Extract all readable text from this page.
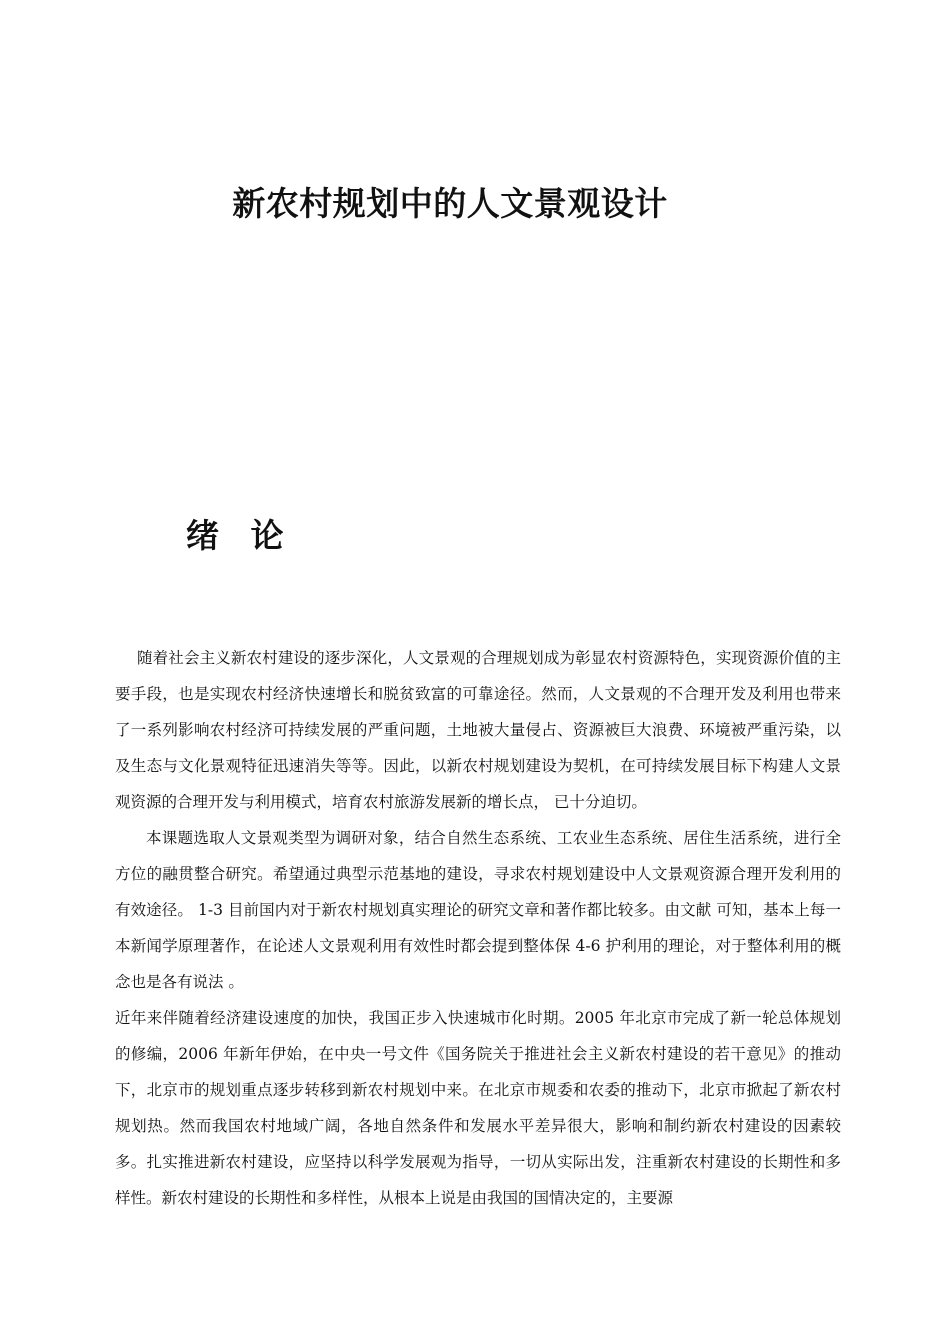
新农村规划中的人文景观设计
绪 论

随着社会主义新农村建设的逐步深化，人文景观的合理规划成为彰显农村资源特色，实现资源价值的主要手段，也是实现农村经济快速增长和脱贫致富的可靠途径。然而，人文景观的不合理开发及利用也带来了一系列影响农村经济可持续发展的严重问题，土地被大量侵占、资源被巨大浪费、环境被严重污染，以及生态与文化景观特征迅速消失等等。因此，以新农村规划建设为契机，在可持续发展目标下构建人文景观资源的合理开发与利用模式，培育农村旅游发展新的增长点， 已十分迫切。

本课题选取人文景观类型为调研对象，结合自然生态系统、工农业生态系统、居住生活系统，进行全方位的融贯整合研究。希望通过典型示范基地的建设，寻求农村规划建设中人文景观资源合理开发利用的有效途径。 1-3 目前国内对于新农村规划真实理论的研究文章和著作都比较多。由文献 可知，基本上每一本新闻学原理著作，在论述人文景观利用有效性时都会提到整体保 4-6 护利用的理论，对于整体利用的概念也是各有说法 。

近年来伴随着经济建设速度的加快，我国正步入快速城市化时期。2005 年北京市完成了新一轮总体规划的修编，2006 年新年伊始，在中央一号文件《国务院关于推进社会主义新农村建设的若干意见》的推动下，北京市的规划重点逐步转移到新农村规划中来。在北京市规委和农委的推动下，北京市掀起了新农村规划热。然而我国农村地域广阔，各地自然条件和发展水平差异很大，影响和制约新农村建设的因素较多。扎实推进新农村建设，应坚持以科学发展观为指导，一切从实际出发，注重新农村建设的长期性和多样性。新农村建设的长期性和多样性，从根本上说是由我国的国情决定的，主要源
